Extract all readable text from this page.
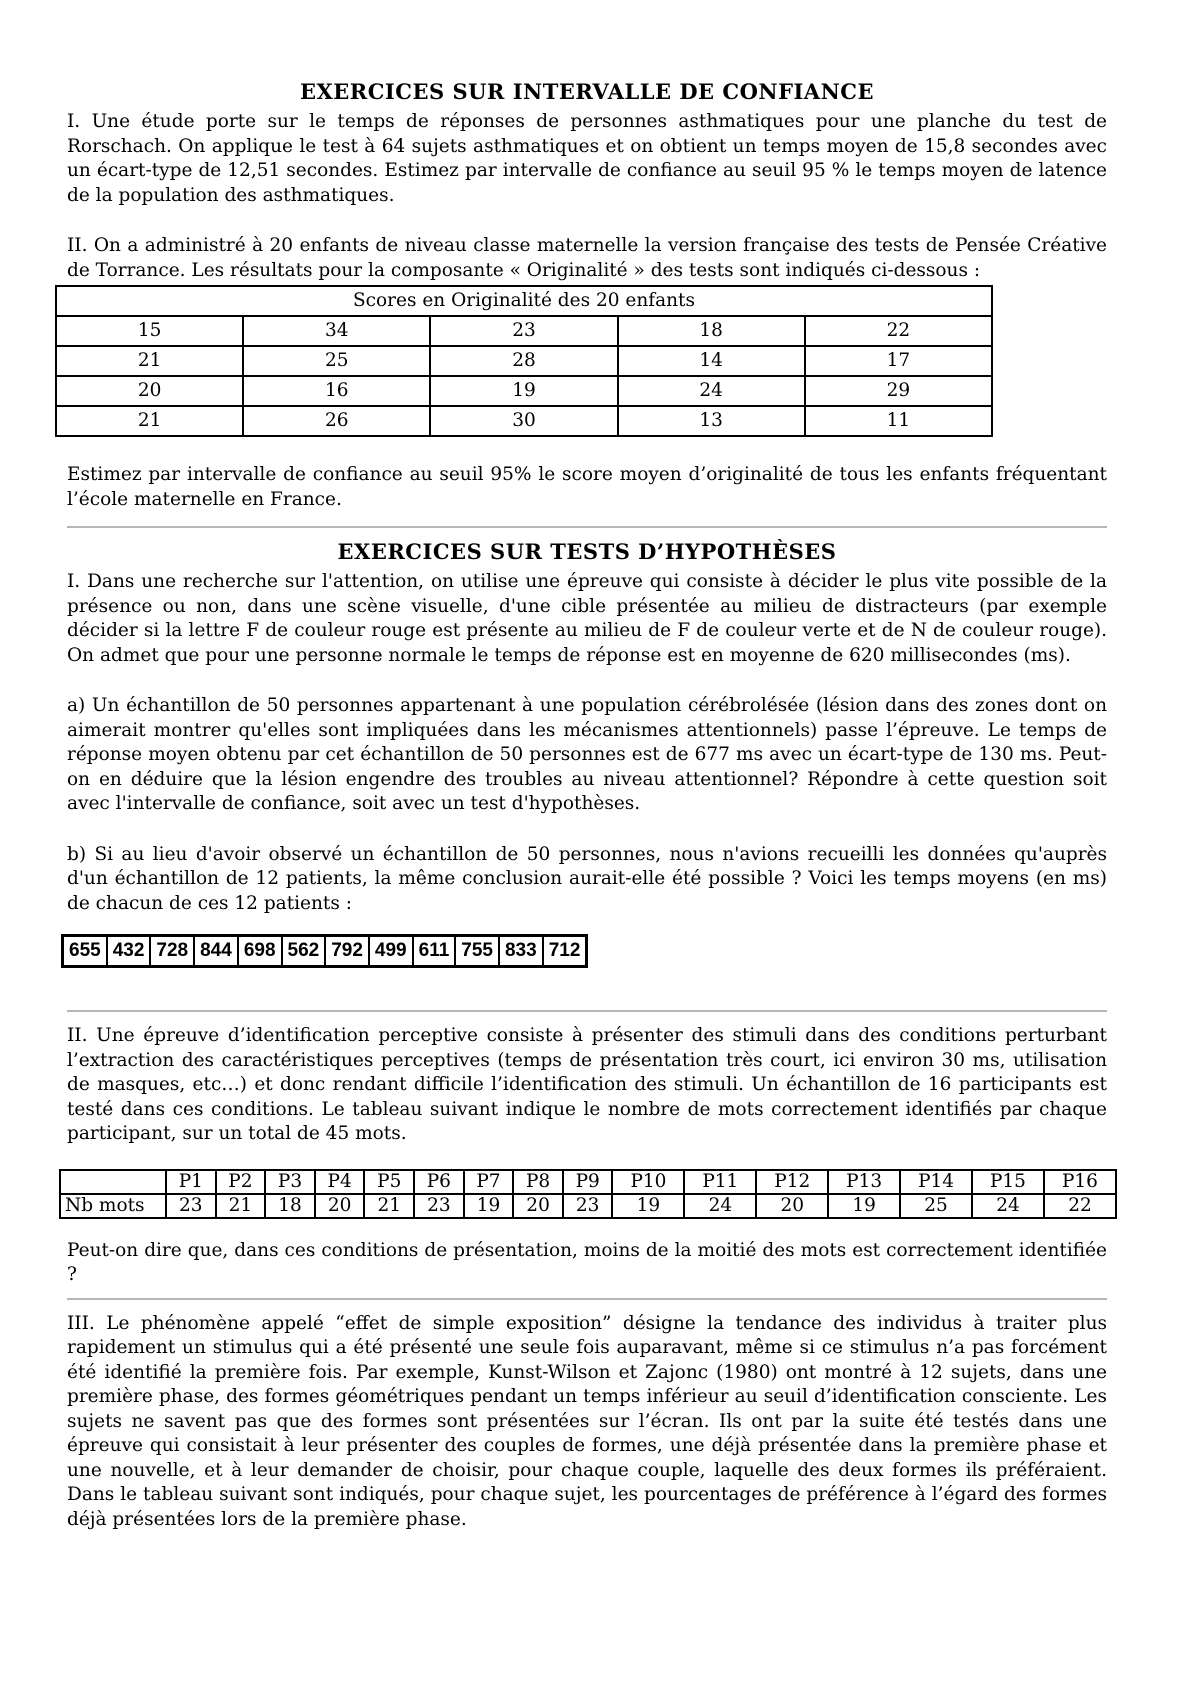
EXERCICES SUR INTERVALLE DE CONFIANCE

I. Une étude porte sur le temps de réponses de personnes asthmatiques pour une planche du test de Rorschach. On applique le test à 64 sujets asthmatiques et on obtient un temps moyen de 15,8 secondes avec un écart-type de 12,51 secondes. Estimez par intervalle de confiance au seuil 95 % le temps moyen de latence de la population des asthmatiques.

II. On a administré à 20 enfants de niveau classe maternelle la version française des tests de Pensée Créative de Torrance. Les résultats pour la composante « Originalité » des tests sont indiqués ci-dessous :

Scores en Originalité des 20 enfants				
15	34	23	18	22
21	25	28	14	17
20	16	19	24	29
21	26	30	13	11

Estimez par intervalle de confiance au seuil 95% le score moyen d’originalité de tous les enfants fréquentant l’école maternelle en France.

EXERCICES SUR TESTS D’HYPOTHÈSES

I. Dans une recherche sur l'attention, on utilise une épreuve qui consiste à décider le plus vite possible de la présence ou non, dans une scène visuelle, d'une cible présentée au milieu de distracteurs (par exemple décider si la lettre F de couleur rouge est présente au milieu de F de couleur verte et de N de couleur rouge). On admet que pour une personne normale le temps de réponse est en moyenne de 620 millisecondes (ms).

a) Un échantillon de 50 personnes appartenant à une population cérébrolésée (lésion dans des zones dont on aimerait montrer qu'elles sont impliquées dans les mécanismes attentionnels) passe l’épreuve. Le temps de réponse moyen obtenu par cet échantillon de 50 personnes est de 677 ms avec un écart-type de 130 ms. Peut-on en déduire que la lésion engendre des troubles au niveau attentionnel? Répondre à cette question soit avec l'intervalle de confiance, soit avec un test d'hypothèses.

b) Si au lieu d'avoir observé un échantillon de 50 personnes, nous n'avions recueilli les données qu'auprès d'un échantillon de 12 patients, la même conclusion aurait-elle été possible ? Voici les temps moyens (en ms) de chacun de ces 12 patients :

655	432	728	844	698	562	792	499	611	755	833	712

II. Une épreuve d’identification perceptive consiste à présenter des stimuli dans des conditions perturbant l’extraction des caractéristiques perceptives (temps de présentation très court, ici environ 30 ms, utilisation de masques, etc…) et donc rendant difficile l’identification des stimuli. Un échantillon de 16 participants est testé dans ces conditions. Le tableau suivant indique le nombre de mots correctement identifiés par chaque participant, sur un total de 45 mots.

	P1	P2	P3	P4	P5	P6	P7	P8	P9	P10	P11	P12	P13	P14	P15	P16
Nb mots	23	21	18	20	21	23	19	20	23	19	24	20	19	25	24	22

Peut-on dire que, dans ces conditions de présentation, moins de la moitié des mots est correctement identifiée ?

III. Le phénomène appelé “effet de simple exposition” désigne la tendance des individus à traiter plus rapidement un stimulus qui a été présenté une seule fois auparavant, même si ce stimulus n’a pas forcément été identifié la première fois. Par exemple, Kunst-Wilson et Zajonc (1980) ont montré à 12 sujets, dans une première phase, des formes géométriques pendant un temps inférieur au seuil d’identification consciente. Les sujets ne savent pas que des formes sont présentées sur l’écran. Ils ont par la suite été testés dans une épreuve qui consistait à leur présenter des couples de formes, une déjà présentée dans la première phase et une nouvelle, et à leur demander de choisir, pour chaque couple, laquelle des deux formes ils préféraient. Dans le tableau suivant sont indiqués, pour chaque sujet, les pourcentages de préférence à l’égard des formes déjà présentées lors de la première phase.
